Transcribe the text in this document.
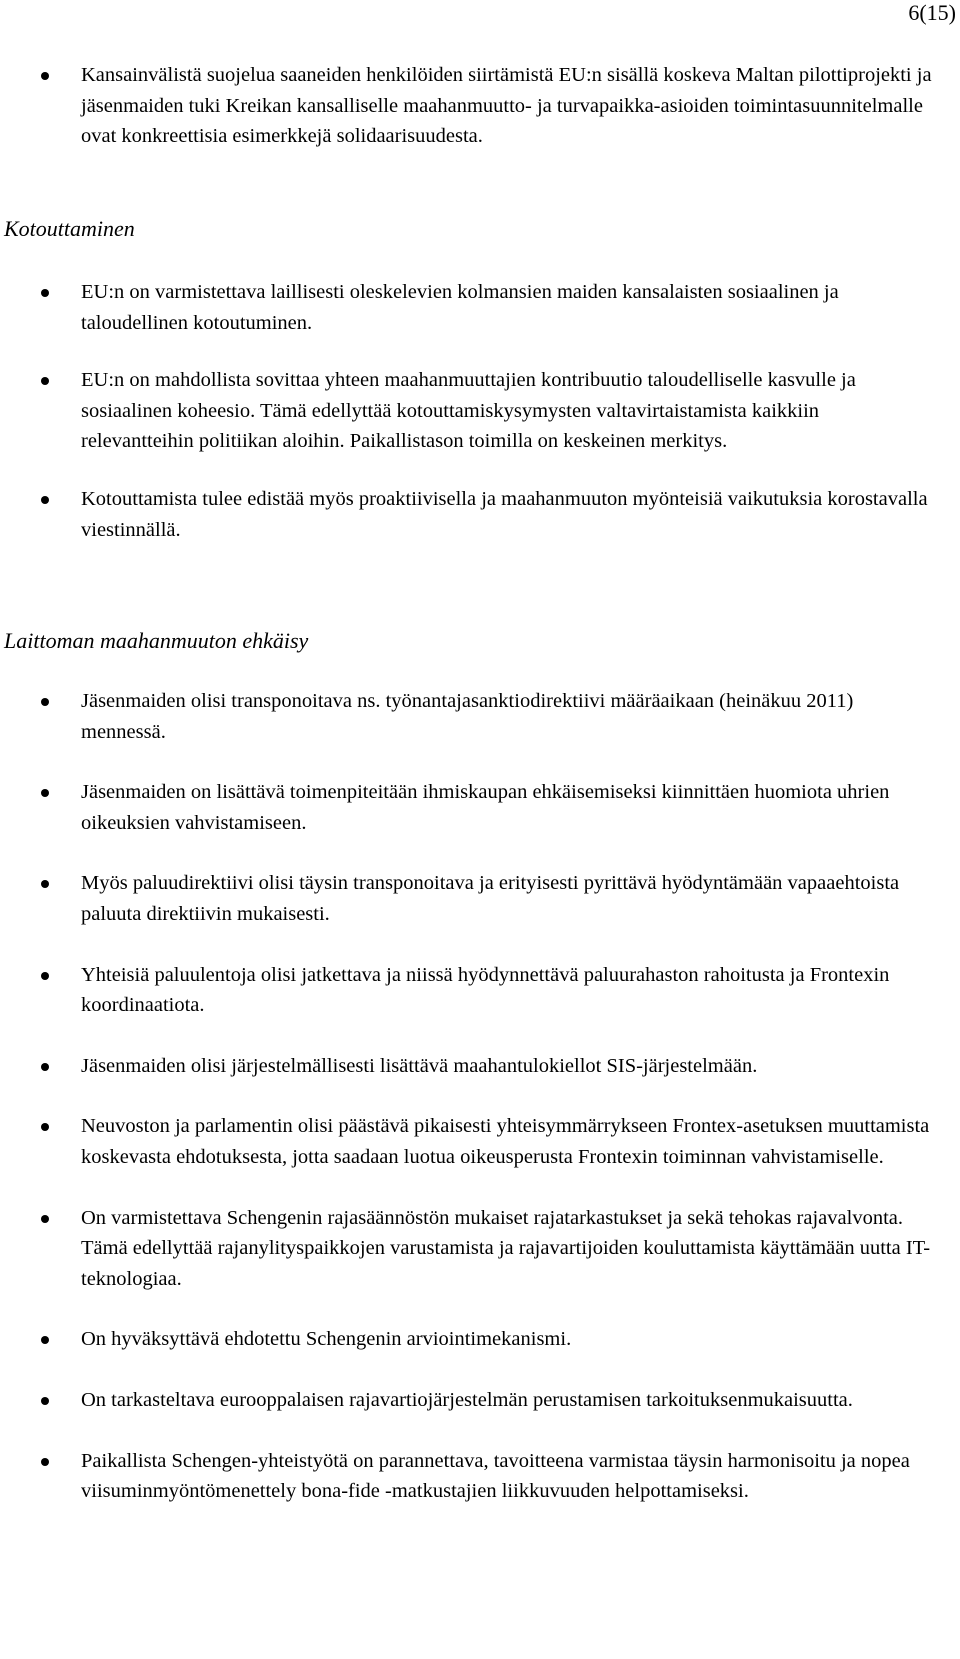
6(15)
Kansainvälistä suojelua saaneiden henkilöiden siirtämistä EU:n sisällä koskeva Maltan pilottiprojekti ja jäsenmaiden tuki Kreikan kansalliselle maahanmuutto- ja turvapaikka-asioiden toimintasuunnitelmalle ovat konkreettisia esimerkkejä solidaarisuudesta.
Kotouttaminen
EU:n on varmistettava laillisesti oleskelevien kolmansien maiden kansalaisten sosiaalinen ja taloudellinen kotoutuminen.
EU:n on mahdollista sovittaa yhteen maahanmuuttajien kontribuutio taloudelliselle kasvulle ja sosiaalinen koheesio. Tämä edellyttää kotouttamiskysymysten valtavirtaistamista kaikkiin relevantteihin politiikan aloihin. Paikallistason toimilla on keskeinen merkitys.
Kotouttamista tulee edistää myös proaktiivisella ja maahanmuuton myönteisiä vaikutuksia korostavalla viestinnällä.
Laittoman maahanmuuton ehkäisy
Jäsenmaiden olisi transponoitava ns. työnantajasanktiodirektiivi määräaikaan (heinäkuu 2011) mennessä.
Jäsenmaiden on lisättävä toimenpiteitään ihmiskaupan ehkäisemiseksi kiinnittäen huomiota uhrien oikeuksien vahvistamiseen.
Myös paluudirektiivi olisi täysin transponoitava ja erityisesti pyrittävä hyödyntämään vapaaehtoista paluuta direktiivin mukaisesti.
Yhteisiä paluulentoja olisi jatkettava ja niissä hyödynnettävä paluurahaston rahoitusta ja Frontexin koordinaatiota.
Jäsenmaiden olisi järjestelmällisesti lisättävä maahantulokiellot SIS-järjestelmään.
Neuvoston ja parlamentin olisi päästävä pikaisesti yhteisymmärrykseen Frontex-asetuksen muuttamista koskevasta ehdotuksesta, jotta saadaan luotua oikeusperusta Frontexin toiminnan vahvistamiselle.
On varmistettava Schengenin rajasäännöstön mukaiset rajatarkastukset ja sekä tehokas rajavalvonta. Tämä edellyttää rajanylityspaikkojen varustamista ja rajavartijoiden kouluttamista käyttämään uutta IT-teknologiaa.
On hyväksyttävä ehdotettu Schengenin arviointimekanismi.
On tarkasteltava eurooppalaisen rajavartiojärjestelmän perustamisen tarkoituksenmukaisuutta.
Paikallista Schengen-yhteistyötä on parannettava, tavoitteena varmistaa täysin harmonisoitu ja nopea viisuminmyöntömenettely bona-fide -matkustajien liikkuvuuden helpottamiseksi.
